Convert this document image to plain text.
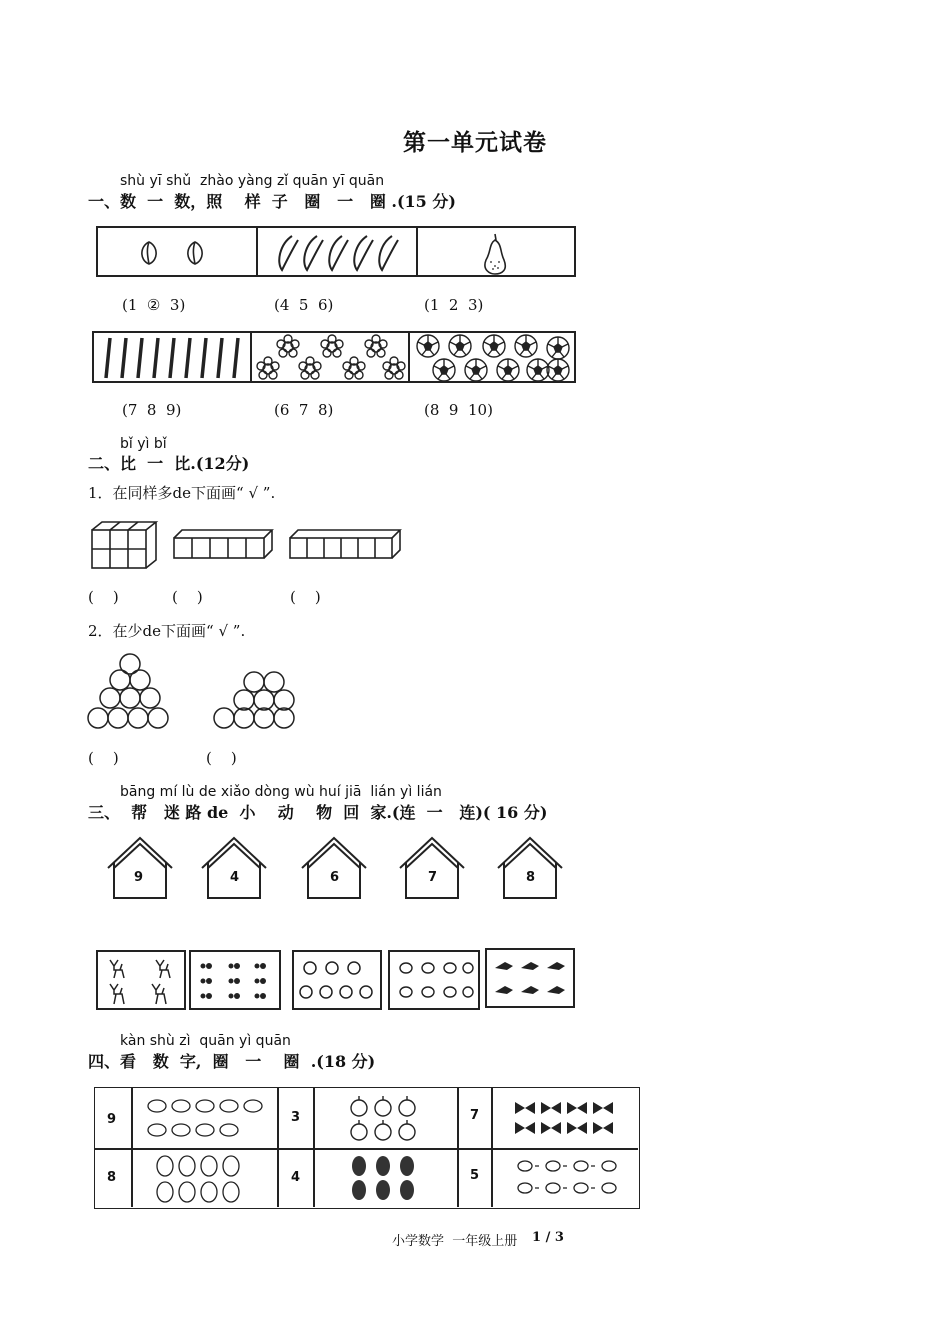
第一单元试卷
shù yī shǔ  zhào yàng zǐ quān yī quān
一、数  一  数，照    样  子   圈   一   圈 .(15 分)
(1  ②  3)	(4  5  6)	(1  2  3)
(7  8  9)	(6  7  8)	(8  9  10)
bǐ yì bǐ
二、比  一  比.(12分)
1．在同样多de下面画“ √ ”.
(    )	(    )	(    )
2．在少de下面画“ √ ”.
(    )	(    )
bāng mí lù de xiǎo dòng wù huí jiā  lián yì lián
三、  帮   迷 路 de  小    动    物  回  家.(连  一   连)( 16 分)
9	4	6	7	8
kàn shù zì  quān yì quān
四、看   数  字,  圈   一    圈  .(18 分)
9	3	7
8	4	5
小学数学  一年级上册 1 / 3
